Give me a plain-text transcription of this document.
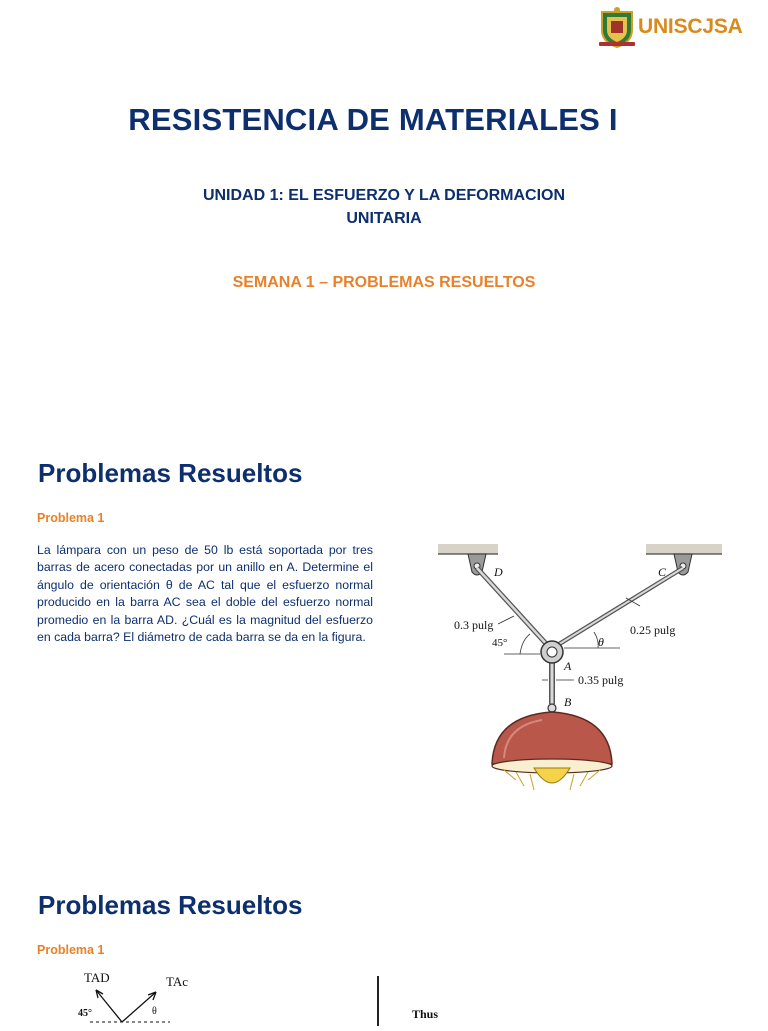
UNISCJSA
RESISTENCIA DE MATERIALES I
UNIDAD 1: EL ESFUERZO Y LA DEFORMACION
UNITARIA
SEMANA 1 – PROBLEMAS RESUELTOS
Problemas Resueltos
Problema 1
La lámpara con un peso de 50 lb está soportada por tres barras de acero conectadas por un anillo en A. Determine el ángulo de orientación θ de AC tal que el esfuerzo normal producido en la barra AC sea el doble del esfuerzo normal promedio en la barra AD. ¿Cuál es la magnitud del esfuerzo en cada barra? El diámetro de cada barra se da en la figura.
D	C
A
B
0.3 pulg	0.25 pulg
0.35 pulg
45°	θ
Problemas Resueltos
Problema 1
TAD	TAc
45°	θ	Thus
